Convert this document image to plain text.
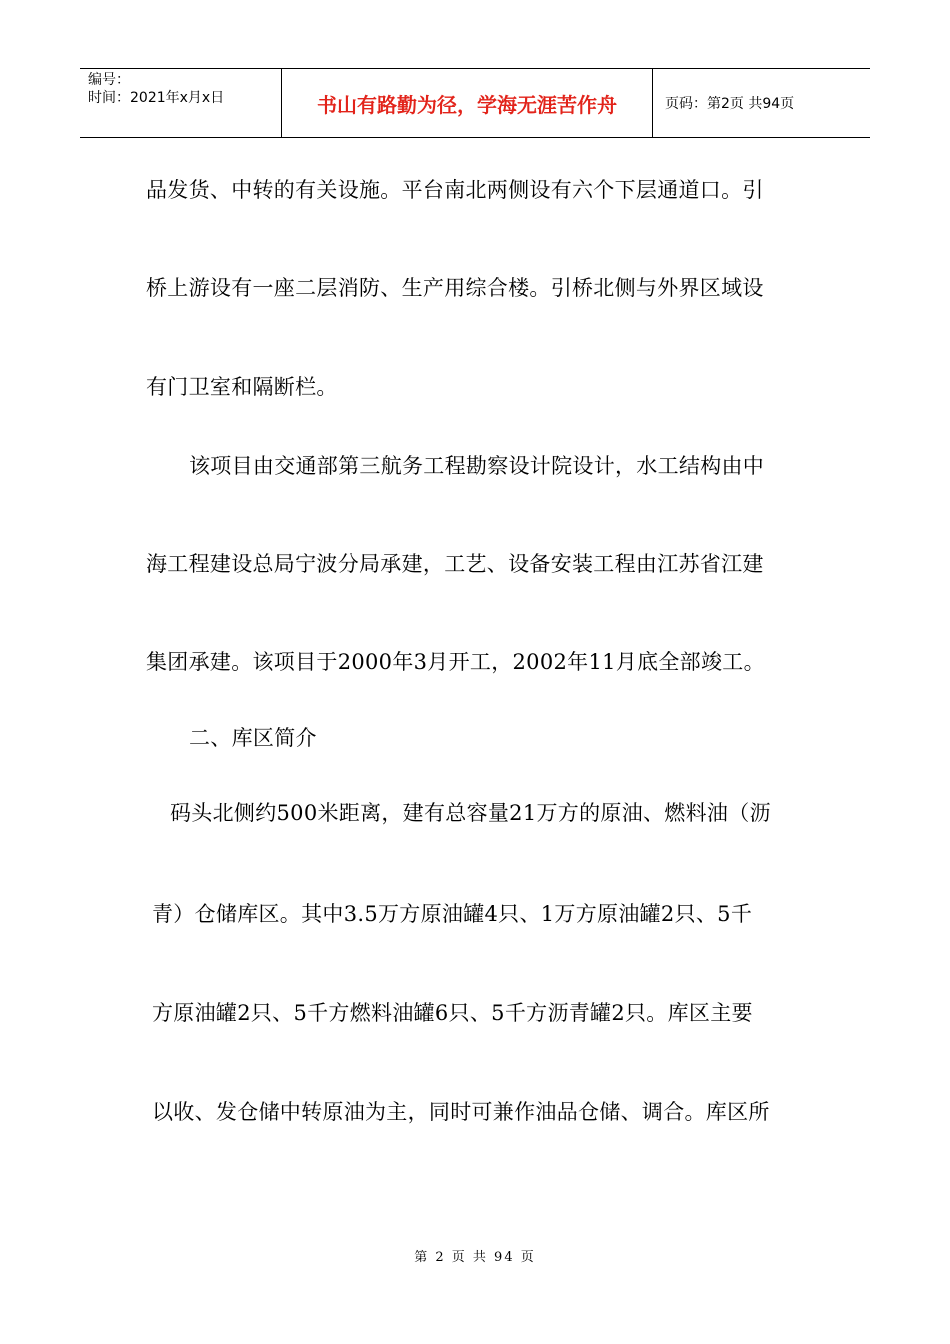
编号：
时间：2021年x月x日	书山有路勤为径，学海无涯苦作舟	页码：第2页 共94页
品发货、中转的有关设施。平台南北两侧设有六个下层通道口。引
桥上游设有一座二层消防、生产用综合楼。引桥北侧与外界区域设
有门卫室和隔断栏。
该项目由交通部第三航务工程勘察设计院设计，水工结构由中
海工程建设总局宁波分局承建，工艺、设备安装工程由江苏省江建
集团承建。该项目于2000年3月开工，2002年11月底全部竣工。
二、库区简介
码头北侧约500米距离，建有总容量21万方的原油、燃料油（沥
青）仓储库区。其中3.5万方原油罐4只、1万方原油罐2只、5千
方原油罐2只、5千方燃料油罐6只、5千方沥青罐2只。库区主要
以收、发仓储中转原油为主，同时可兼作油品仓储、调合。库区所
第 2 页 共 94 页
